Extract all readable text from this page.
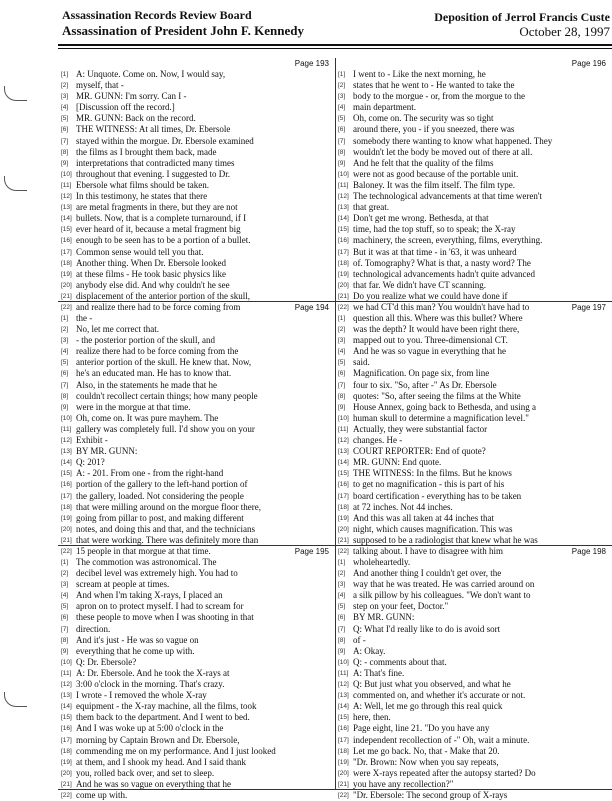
Assassination Records Review Board
Assassination of President John F. Kennedy
Deposition of Jerrol Francis Custe
October 28, 1997
Page 193
[1] A: Unquote. Come on. Now, I would say,
[2] myself, that -
[3] MR. GUNN: I'm sorry. Can I -
[4] [Discussion off the record.]
[5] MR. GUNN: Back on the record.
[6] THE WITNESS: At all times, Dr. Ebersole
[7] stayed within the morgue. Dr. Ebersole examined
[8] the films as I brought them back, made
[9] interpretations that contradicted many times
[10] throughout that evening. I suggested to Dr.
[11] Ebersole what films should be taken.
[12] In this testimony, he states that there
[13] are metal fragments in there, but they are not
[14] bullets. Now, that is a complete turnaround, if I
[15] ever heard of it, because a metal fragment big
[16] enough to be seen has to be a portion of a bullet.
[17] Common sense would tell you that.
[18] Another thing. When Dr. Ebersole looked
[19] at these films - He took basic physics like
[20] anybody else did. And why couldn't he see
[21] displacement of the anterior portion of the skull,
[22] and realize there had to be force coming from
Page 196
[1] I went to - Like the next morning, he
[2] states that he went to - He wanted to take the
[3] body to the morgue - or, from the morgue to the
[4] main department.
[5] Oh, come on. The security was so tight
[6] around there, you - if you sneezed, there was
[7] somebody there wanting to know what happened. They
[8] wouldn't let the body be moved out of there at all.
[9] And he felt that the quality of the films
[10] were not as good because of the portable unit.
[11] Baloney. It was the film itself. The film type.
[12] The technological advancements at that time weren't
[13] that great.
[14] Don't get me wrong. Bethesda, at that
[15] time, had the top stuff, so to speak; the X-ray
[16] machinery, the screen, everything, films, everything.
[17] But it was at that time - in '63, it was unheard
[18] of. Tomography? What is that, a nasty word? The
[19] technological advancements hadn't quite advanced
[20] that far. We didn't have CT scanning.
[21] Do you realize what we could have done if
[22] we had CT'd this man? You wouldn't have had to
Page 194
[1] the -
[2] No, let me correct that.
[3] - the posterior portion of the skull, and
[4] realize there had to be force coming from the
[5] anterior portion of the skull. He knew that. Now,
[6] he's an educated man. He has to know that.
[7] Also, in the statements he made that he
[8] couldn't recollect certain things; how many people
[9] were in the morgue at that time.
[10] Oh, come on. It was pure mayhem. The
[11] gallery was completely full. I'd show you on your
[12] Exhibit -
[13] BY MR. GUNN:
[14] Q: 201?
[15] A: - 201. From one - from the right-hand
[16] portion of the gallery to the left-hand portion of
[17] the gallery, loaded. Not considering the people
[18] that were milling around on the morgue floor there,
[19] going from pillar to post, and making different
[20] notes, and doing this and that, and the technicians
[21] that were working. There was definitely more than
[22] 15 people in that morgue at that time.
Page 197
[1] question all this. Where was this bullet? Where
[2] was the depth? It would have been right there,
[3] mapped out to you. Three-dimensional CT.
[4] And he was so vague in everything that he
[5] said.
[6] Magnification. On page six, from line
[7] four to six. "So, after -" As Dr. Ebersole
[8] quotes: "So, after seeing the films at the White
[9] House Annex, going back to Bethesda, and using a
[10] human skull to determine a magnification level."
[11] Actually, they were substantial factor
[12] changes. He -
[13] COURT REPORTER: End of quote?
[14] MR. GUNN: End quote.
[15] THE WITNESS: In the films. But he knows
[16] to get no magnification - this is part of his
[17] board certification - everything has to be taken
[18] at 72 inches. Not 44 inches.
[19] And this was all taken at 44 inches that
[20] night, which causes magnification. This was
[21] supposed to be a radiologist that knew what he was
[22] talking about. I have to disagree with him
Page 195
[1] The commotion was astronomical. The
[2] decibel level was extremely high. You had to
[3] scream at people at times.
[4] And when I'm taking X-rays, I placed an
[5] apron on to protect myself. I had to scream for
[6] these people to move when I was shooting in that
[7] direction.
[8] And it's just - He was so vague on
[9] everything that he come up with.
[10] Q: Dr. Ebersole?
[11] A: Dr. Ebersole. And he took the X-rays at
[12] 3:00 o'clock in the morning. That's crazy.
[13] I wrote - I removed the whole X-ray
[14] equipment - the X-ray machine, all the films, took
[15] them back to the department. And I went to bed.
[16] And I was woke up at 5:00 o'clock in the
[17] morning by Captain Brown and Dr. Ebersole,
[18] commending me on my performance. And I just looked
[19] at them, and I shook my head. And I said thank
[20] you, rolled back over, and set to sleep.
[21] And he was so vague on everything that he
[22] come up with.
Page 198
[1] wholeheartedly.
[2] And another thing I couldn't get over, the
[3] way that he was treated. He was carried around on
[4] a silk pillow by his colleagues. "We don't want to
[5] step on your feet, Doctor."
[6] BY MR. GUNN:
[7] Q: What I'd really like to do is avoid sort
[8] of -
[9] A: Okay.
[10] Q: - comments about that.
[11] A: That's fine.
[12] Q: But just what you observed, and what he
[13] commented on, and whether it's accurate or not.
[14] A: Well, let me go through this real quick
[15] here, then.
[16] Page eight, line 21. "Do you have any
[17] independent recollection of -" Oh, wait a minute.
[18] Let me go back. No, that - Make that 20.
[19] "Dr. Brown: Now when you say repeats,
[20] were X-rays repeated after the autopsy started? Do
[21] you have any recollection?"
[22] "Dr. Ebersole: The second group of X-rays
